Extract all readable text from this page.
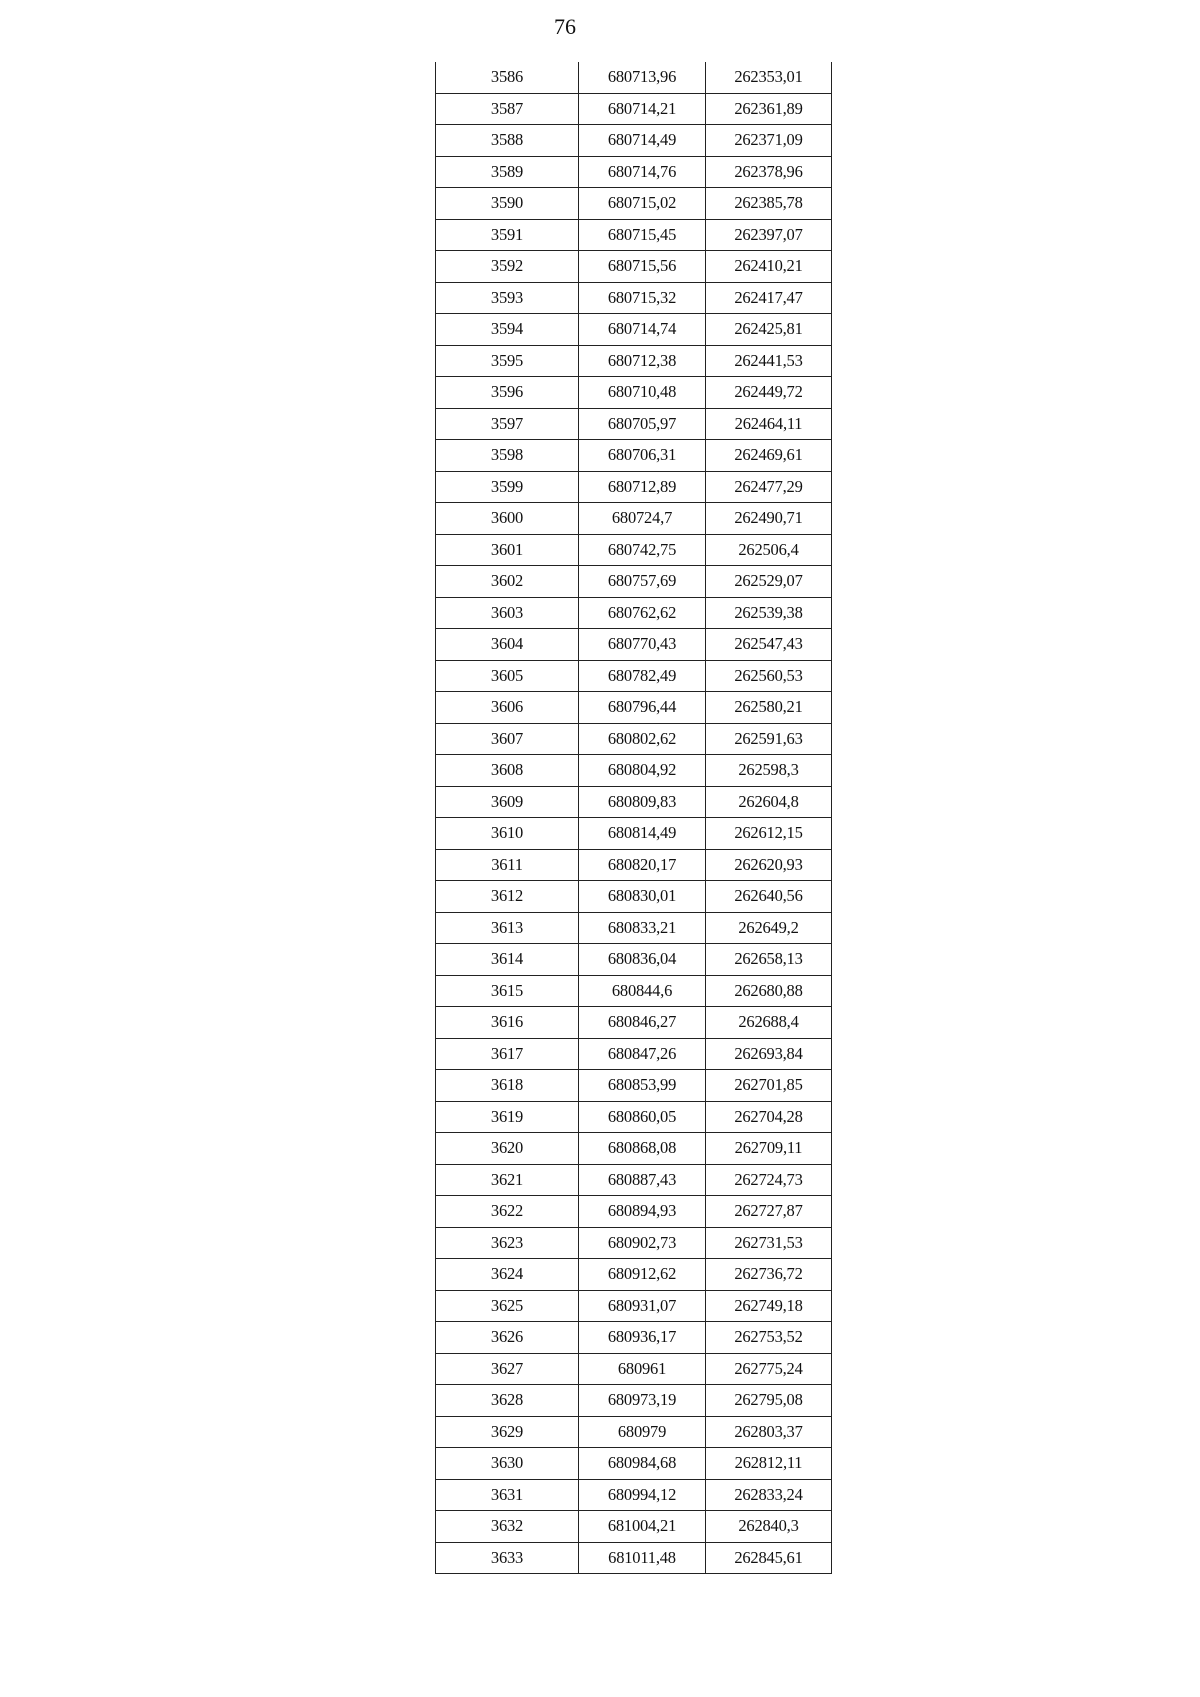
76
3586	680713,96	262353,01
3587	680714,21	262361,89
3588	680714,49	262371,09
3589	680714,76	262378,96
3590	680715,02	262385,78
3591	680715,45	262397,07
3592	680715,56	262410,21
3593	680715,32	262417,47
3594	680714,74	262425,81
3595	680712,38	262441,53
3596	680710,48	262449,72
3597	680705,97	262464,11
3598	680706,31	262469,61
3599	680712,89	262477,29
3600	680724,7	262490,71
3601	680742,75	262506,4
3602	680757,69	262529,07
3603	680762,62	262539,38
3604	680770,43	262547,43
3605	680782,49	262560,53
3606	680796,44	262580,21
3607	680802,62	262591,63
3608	680804,92	262598,3
3609	680809,83	262604,8
3610	680814,49	262612,15
3611	680820,17	262620,93
3612	680830,01	262640,56
3613	680833,21	262649,2
3614	680836,04	262658,13
3615	680844,6	262680,88
3616	680846,27	262688,4
3617	680847,26	262693,84
3618	680853,99	262701,85
3619	680860,05	262704,28
3620	680868,08	262709,11
3621	680887,43	262724,73
3622	680894,93	262727,87
3623	680902,73	262731,53
3624	680912,62	262736,72
3625	680931,07	262749,18
3626	680936,17	262753,52
3627	680961	262775,24
3628	680973,19	262795,08
3629	680979	262803,37
3630	680984,68	262812,11
3631	680994,12	262833,24
3632	681004,21	262840,3
3633	681011,48	262845,61
